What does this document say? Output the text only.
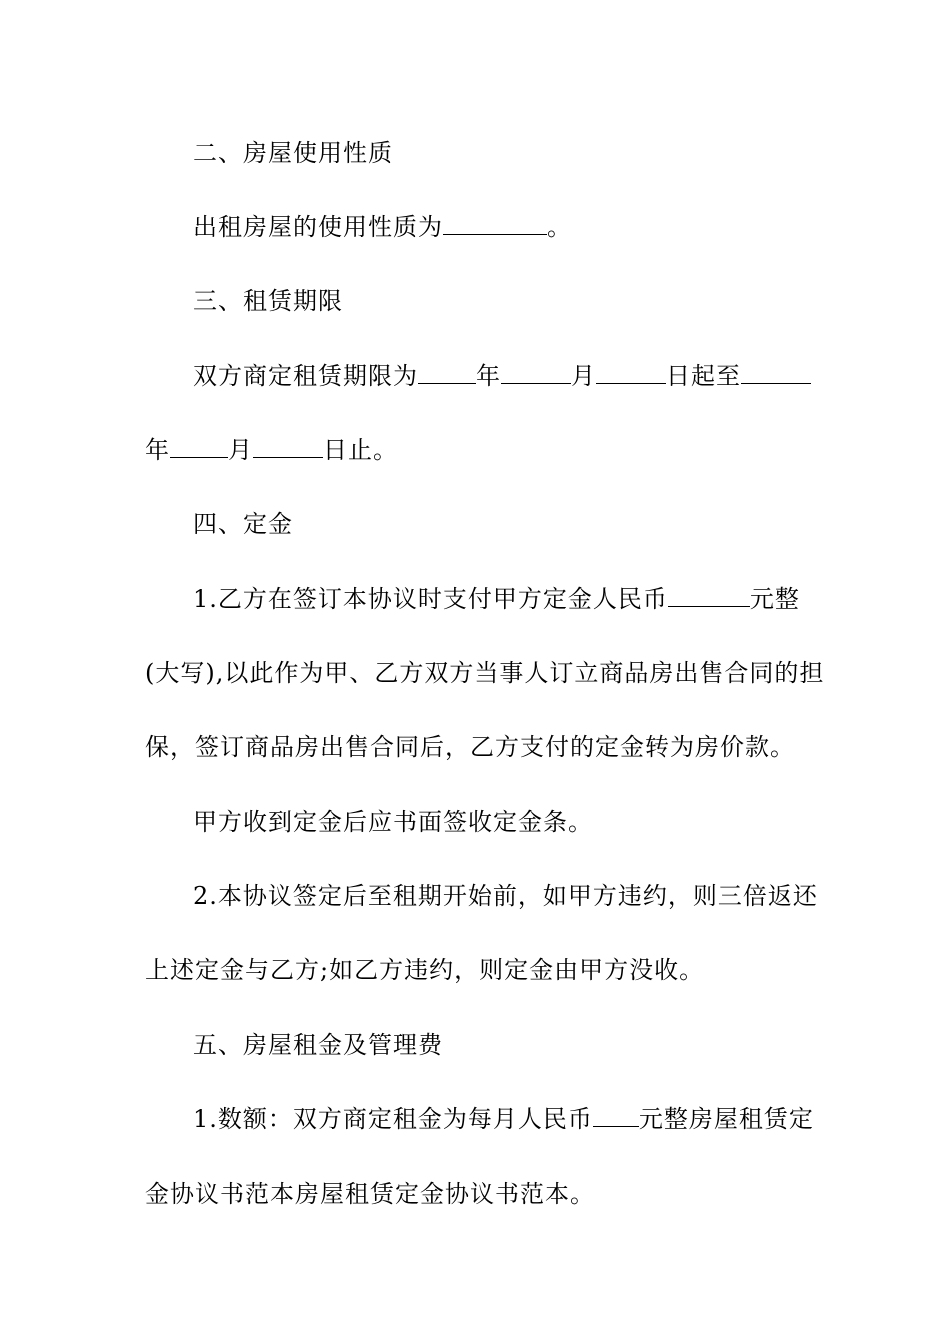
二、房屋使用性质
出租房屋的使用性质为	。
三、租赁期限
双方商定租赁期限为 年	月	日起至
年 月	日止。
四、定金
1.乙方在签订本协议时支付甲方定金人民币	元整
(大写),以此作为甲、乙方双方当事人订立商品房出售合同的担
保，签订商品房出售合同后，乙方支付的定金转为房价款。
甲方收到定金后应书面签收定金条。
2.本协议签定后至租期开始前，如甲方违约，则三倍返还
上述定金与乙方;如乙方违约，则定金由甲方没收。
五、房屋租金及管理费
1.数额：双方商定租金为每月人民币 元整房屋租赁定
金协议书范本房屋租赁定金协议书范本。
